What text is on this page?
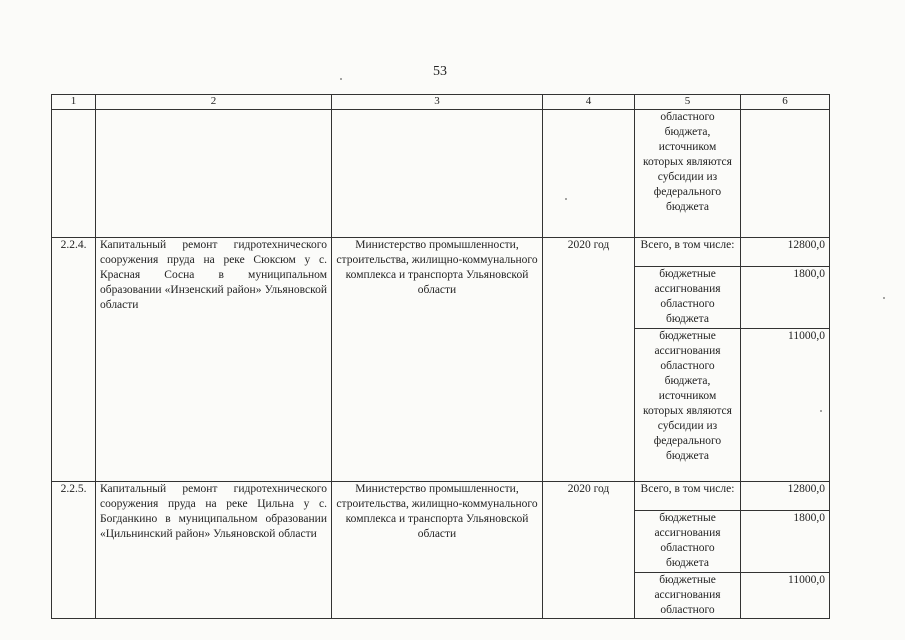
53
1	2	3	4	5	6
				областного бюджета, источником которых являются субсидии из федерального бюджета	
2.2.4.	Капитальный ремонт гидротехнического сооружения пруда на реке Сюксюм у с. Красная Сосна в муниципальном образовании «Инзенский район» Ульяновской области	Министерство промышленности, строительства, жилищно-коммунального комплекса и транспорта Ульяновской области	2020 год	Всего, в том числе:	12800,0
				бюджетные ассигнования областного бюджета	1800,0
				бюджетные ассигнования областного бюджета, источником которых являются субсидии из федерального бюджета	11000,0
2.2.5.	Капитальный ремонт гидротехнического сооружения пруда на реке Цильна у с. Богданкино в муниципальном образовании «Цильнинский район» Ульяновской области	Министерство промышленности, строительства, жилищно-коммунального комплекса и транспорта Ульяновской области	2020 год	Всего, в том числе:	12800,0
				бюджетные ассигнования областного бюджета	1800,0
				бюджетные ассигнования областного	11000,0
